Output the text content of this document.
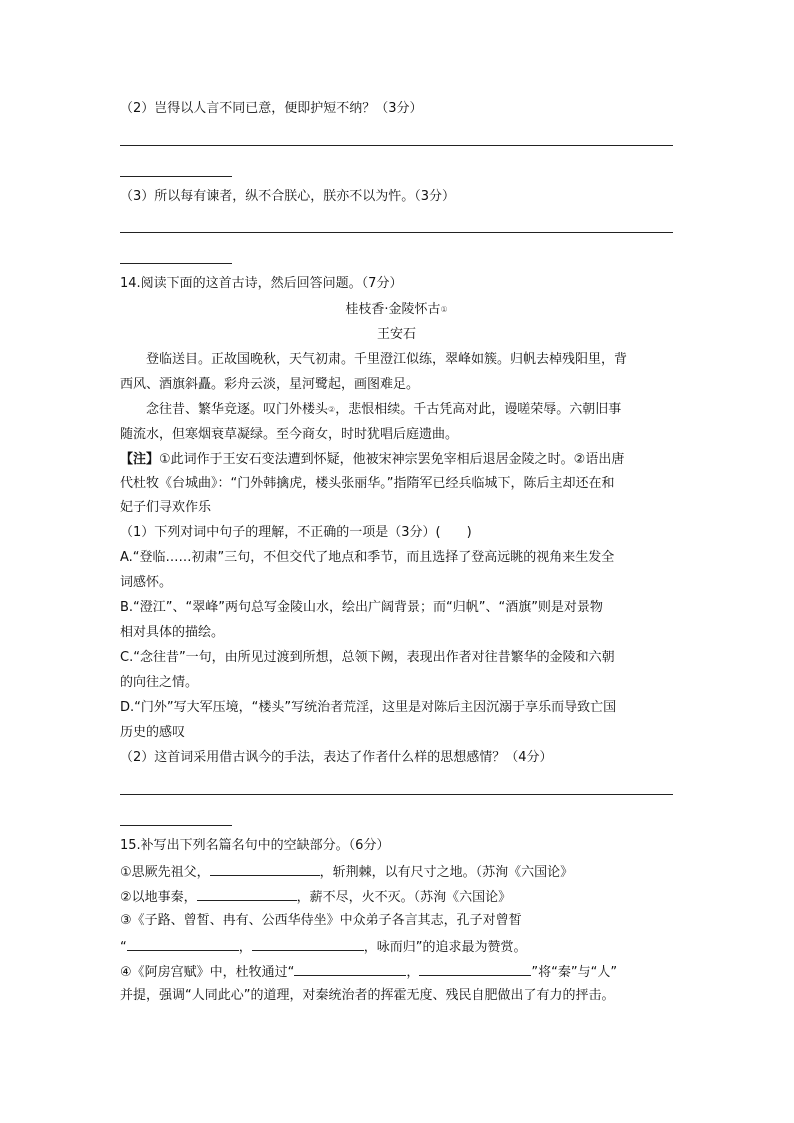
（2）岂得以人言不同已意，便即护短不纳？（3分）
（3）所以每有谏者，纵不合朕心，朕亦不以为忤。（3分）
14.阅读下面的这首古诗，然后回答问题。（7分）
桂枝香·金陵怀古①
王安石
登临送目。正故国晚秋，天气初肃。千里澄江似练，翠峰如簇。归帆去棹残阳里，背
西风、酒旗斜矗。彩舟云淡，星河鹭起，画图难足。
念往昔、繁华竞逐。叹门外楼头②，悲恨相续。千古凭高对此，谩嗟荣辱。六朝旧事
随流水，但寒烟衰草凝绿。至今商女，时时犹唱后庭遗曲。
【注】①此词作于王安石变法遭到怀疑，他被宋神宗罢免宰相后退居金陵之时。②语出唐
代杜牧《台城曲》：“门外韩擒虎，楼头张丽华。”指隋军已经兵临城下，陈后主却还在和
妃子们寻欢作乐
（1）下列对词中句子的理解，不正确的一项是（3分）(　　)
A.“登临……初肃”三句，不但交代了地点和季节，而且选择了登高远眺的视角来生发全
词感怀。
B.“澄江”、“翠峰”两句总写金陵山水，绘出广阔背景；而“归帆”、“酒旗”则是对景物
相对具体的描绘。
C.“念往昔”一句，由所见过渡到所想，总领下阙，表现出作者对往昔繁华的金陵和六朝
的向往之情。
D.“门外”写大军压境，“楼头”写统治者荒淫，这里是对陈后主因沉溺于享乐而导致亡国
历史的感叹
（2）这首词采用借古讽今的手法，表达了作者什么样的思想感情？（4分）
15.补写出下列名篇名句中的空缺部分。（6分）
①思厥先祖父，	，斩荆棘，以有尺寸之地。（苏洵《六国论》
②以地事秦，	，薪不尽，火不灭。（苏洵《六国论》
③《子路、曾皙、冉有、公西华侍坐》中众弟子各言其志，孔子对曾皙
“	，	，咏而归”的追求最为赞赏。
④《阿房宫赋》中，杜牧通过“	，	”将“秦”与“人”
并提，强调“人同此心”的道理，对秦统治者的挥霍无度、残民自肥做出了有力的抨击。
